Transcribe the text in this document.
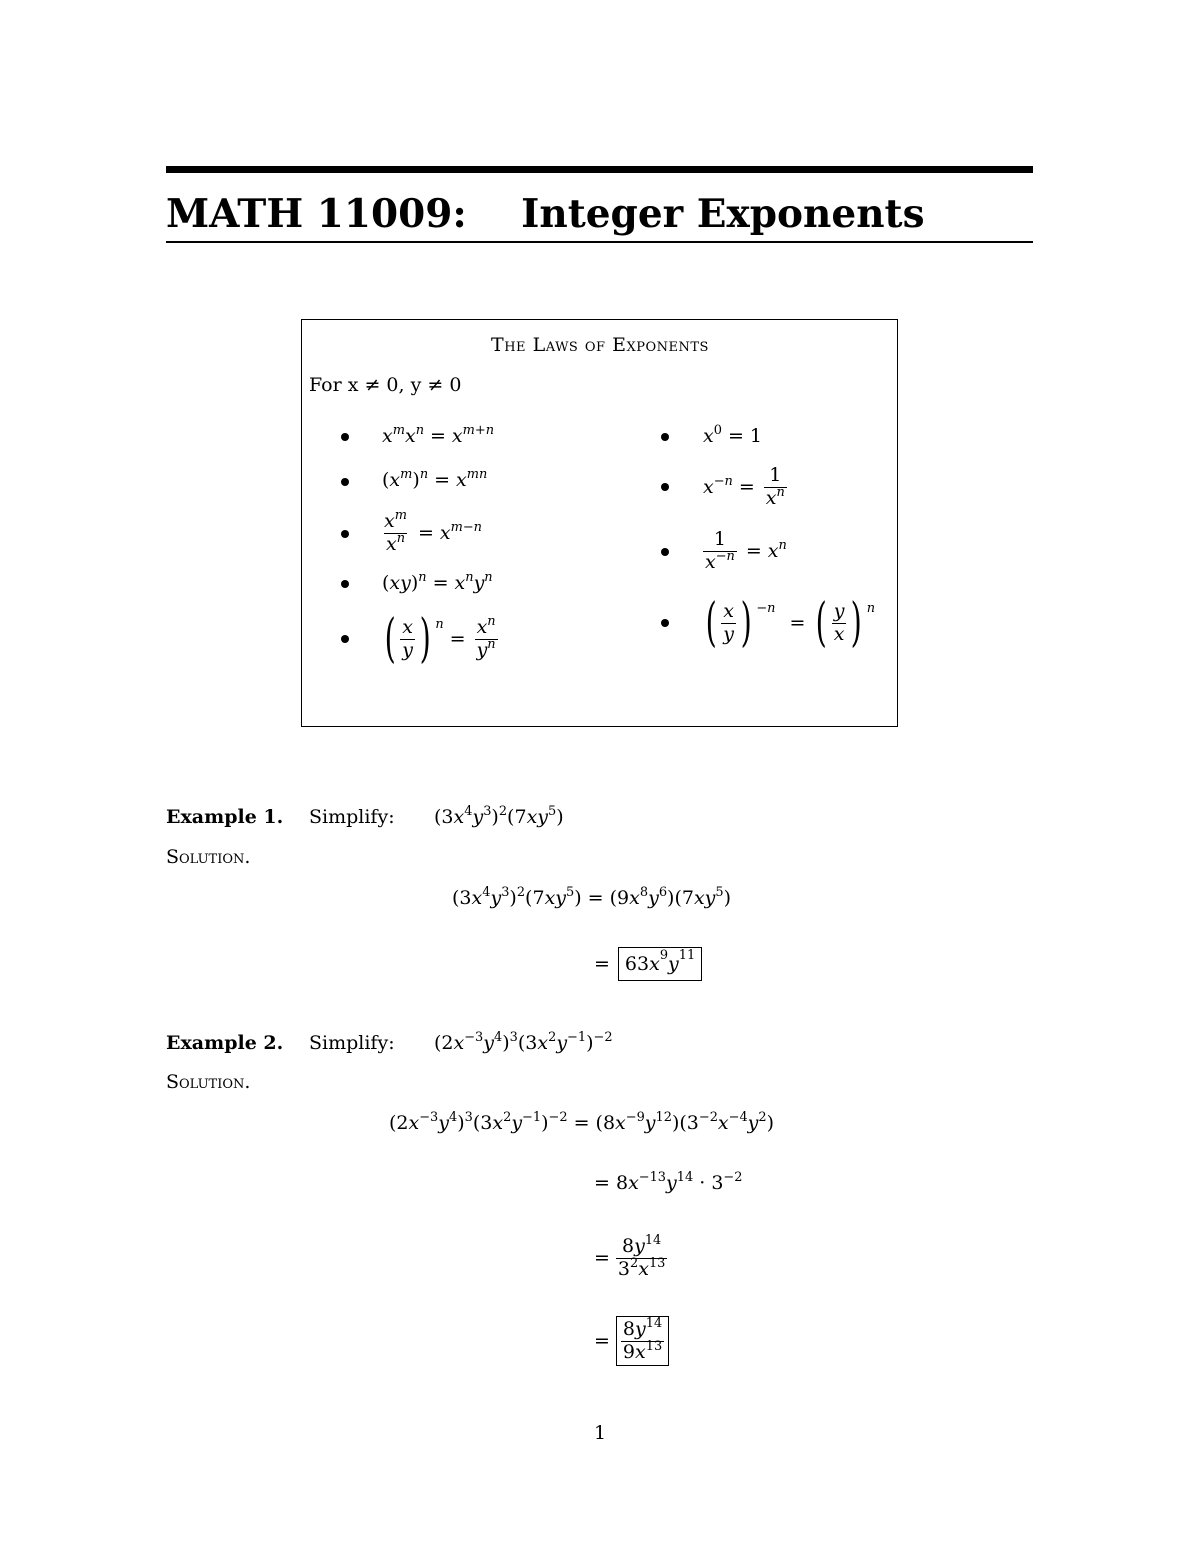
MATH 11009:    Integer Exponents
The Laws of Exponents
For x ≠ 0, y ≠ 0
$x^mx^n = x^{m+n}$
$(x^m)^n = x^{mn}$
$\frac{x^m}{x^n} = x^{m-n}$
$(xy)^n = x^ny^n$
( $\frac{x}{y}$ ) $^n$
= $\frac{x^n}{y^n}$
$x^0 = 1$
$x^{-n} = \frac{1}{x^n}$
$\frac{1}{x^{-n}} = x^n$
( $\frac{x}{y}$ ) $^{-n}$
= ( $\frac{y}{x}$ ) $^n$
Example 1. Simplify: $(3x^4y^3)^2(7xy^5)$
Solution.
$(3x^4y^3)^2(7xy^5) = (9x^8y^6)(7xy^5)$
= 63 $x^9$ $y^{11}$
Example 2. Simplify: $(2x^{-3}y^4)^3(3x^2y^{-1})^{-2}$
Solution.
$(2x^{-3}y^4)^3(3x^2y^{-1})^{-2} = (8x^{-9}y^{12})(3^{-2}x^{-4}y^2)$
= $8x^{-13}y^{14} \cdot 3^{-2}$
= $\frac{8y^{14}}{3^2x^{13}}$
= $\frac{8y^{14}}{9x^{13}}$
1
